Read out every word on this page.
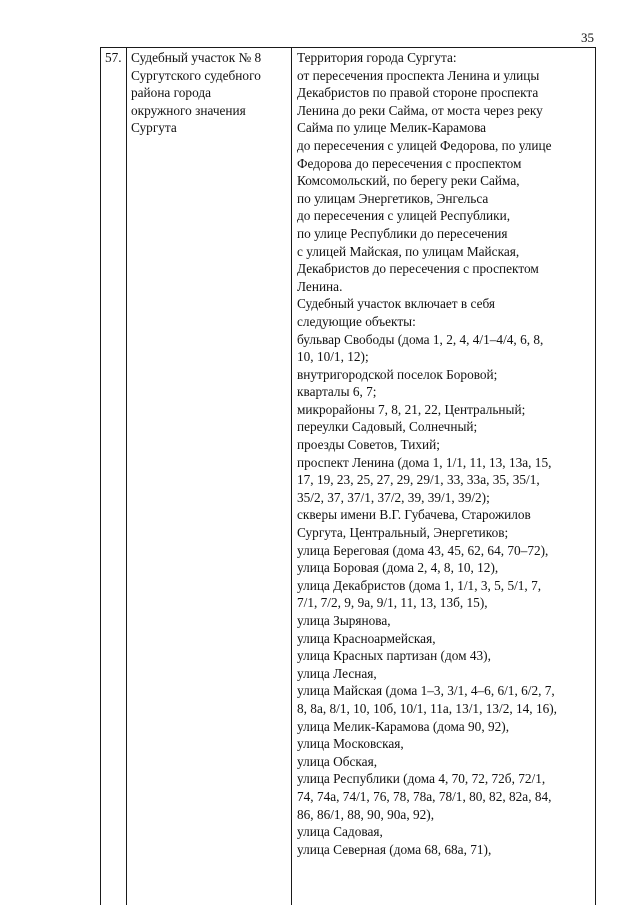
35
57. Судебный участок № 8
Сургутского судебного
района города
окружного значения
Сургута
Территория города Сургута:
от пересечения проспекта Ленина и улицы
Декабристов по правой стороне проспекта
Ленина до реки Сайма, от моста через реку
Сайма по улице Мелик-Карамова
до пересечения с улицей Федорова, по улице
Федорова до пересечения с проспектом
Комсомольский, по берегу реки Сайма,
по улицам Энергетиков, Энгельса
до пересечения с улицей Республики,
по улице Республики до пересечения
с улицей Майская, по улицам Майская,
Декабристов до пересечения с проспектом
Ленина.
Судебный участок включает в себя
следующие объекты:
бульвар Свободы (дома 1, 2, 4, 4/1–4/4, 6, 8,
10, 10/1, 12);
внутригородской поселок Боровой;
кварталы 6, 7;
микрорайоны 7, 8, 21, 22, Центральный;
переулки Садовый, Солнечный;
проезды Советов, Тихий;
проспект Ленина (дома 1, 1/1, 11, 13, 13а, 15,
17, 19, 23, 25, 27, 29, 29/1, 33, 33а, 35, 35/1,
35/2, 37, 37/1, 37/2, 39, 39/1, 39/2);
скверы имени В.Г. Губачева, Старожилов
Сургута, Центральный, Энергетиков;
улица Береговая (дома 43, 45, 62, 64, 70–72),
улица Боровая (дома 2, 4, 8, 10, 12),
улица Декабристов (дома 1, 1/1, 3, 5, 5/1, 7,
7/1, 7/2, 9, 9а, 9/1, 11, 13, 13б, 15),
улица Зырянова,
улица Красноармейская,
улица Красных партизан (дом 43),
улица Лесная,
улица Майская (дома 1–3, 3/1, 4–6, 6/1, 6/2, 7,
8, 8а, 8/1, 10, 10б, 10/1, 11а, 13/1, 13/2, 14, 16),
улица Мелик-Карамова (дома 90, 92),
улица Московская,
улица Обская,
улица Республики (дома 4, 70, 72, 72б, 72/1,
74, 74а, 74/1, 76, 78, 78а, 78/1, 80, 82, 82а, 84,
86, 86/1, 88, 90, 90а, 92),
улица Садовая,
улица Северная (дома 68, 68а, 71),
